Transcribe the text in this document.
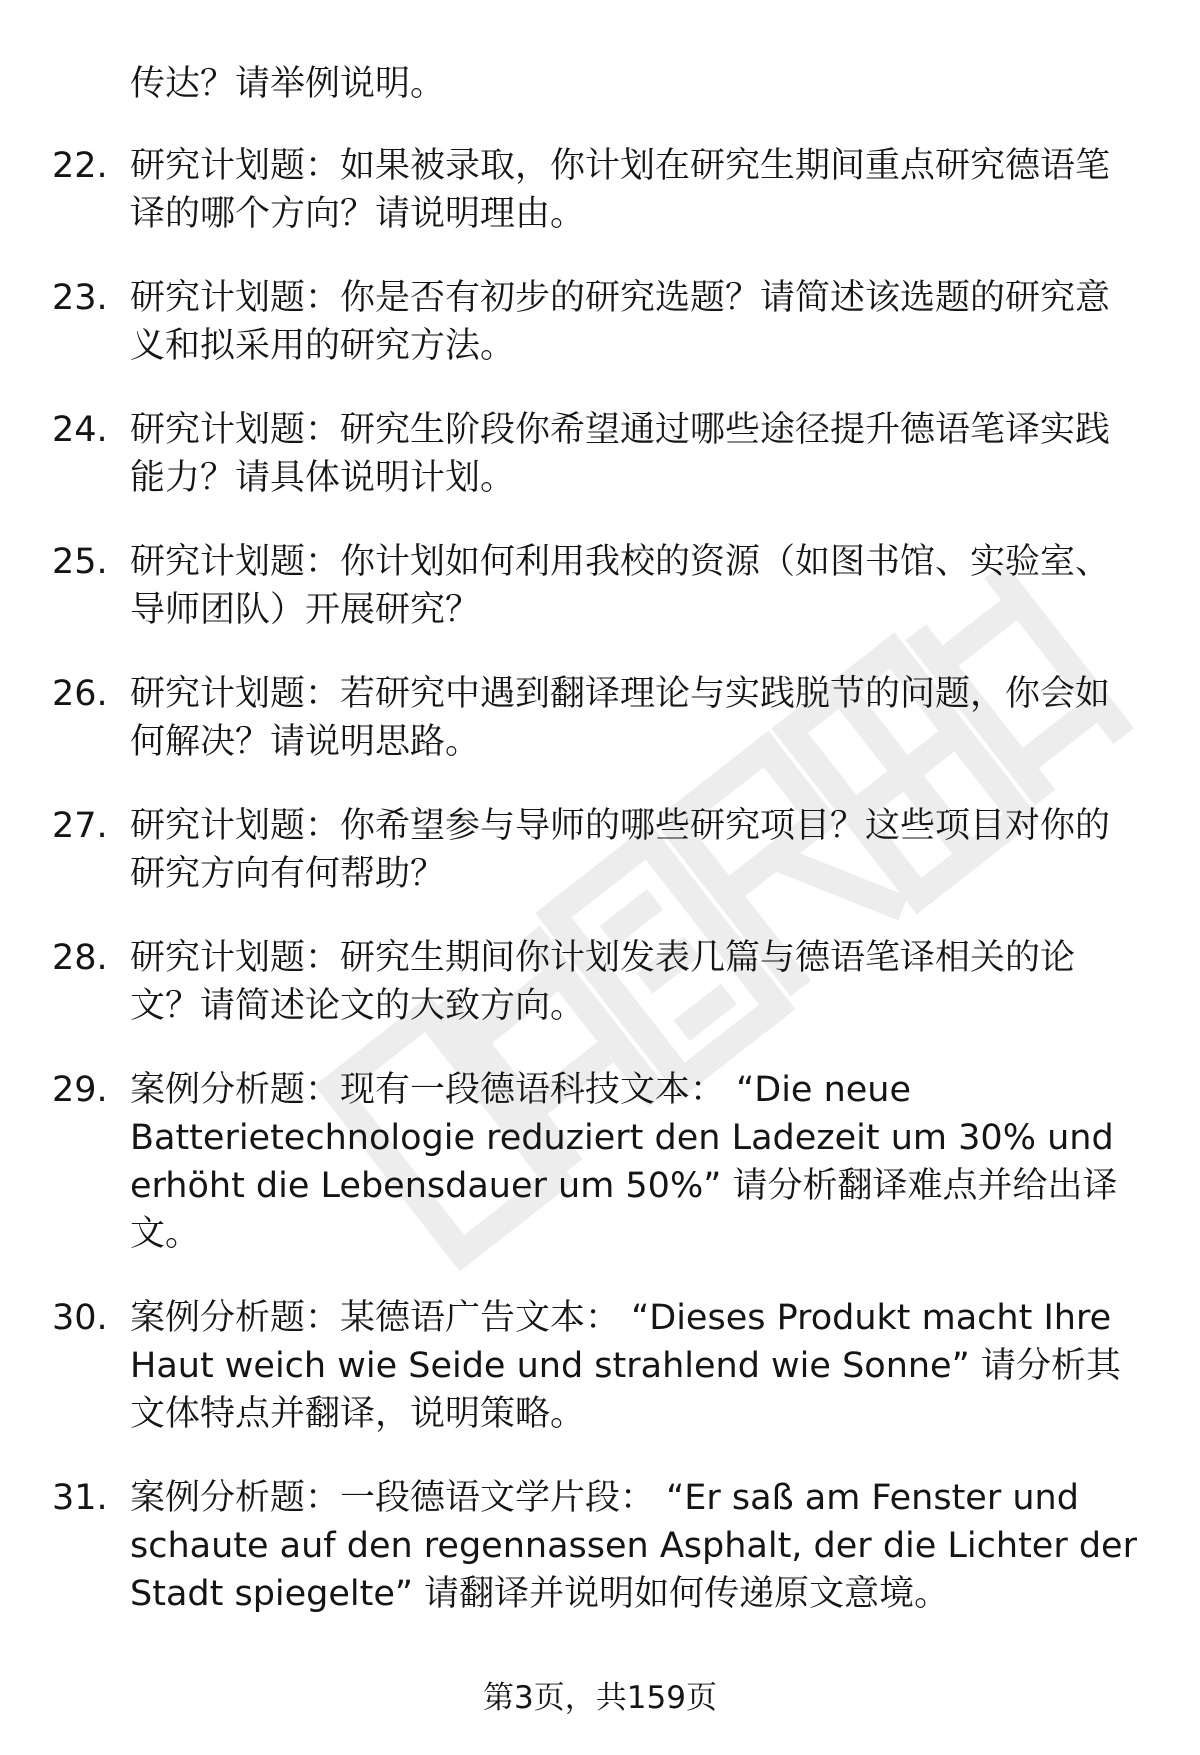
传达？请举例说明。
22. 研究计划题：如果被录取，你计划在研究生期间重点研究德语笔译的哪个方向？请说明理由。
23. 研究计划题：你是否有初步的研究选题？请简述该选题的研究意义和拟采用的研究方法。
24. 研究计划题：研究生阶段你希望通过哪些途径提升德语笔译实践能力？请具体说明计划。
25. 研究计划题：你计划如何利用我校的资源（如图书馆、实验室、导师团队）开展研究？
26. 研究计划题：若研究中遇到翻译理论与实践脱节的问题，你会如何解决？请说明思路。
27. 研究计划题：你希望参与导师的哪些研究项目？这些项目对你的研究方向有何帮助？
28. 研究计划题：研究生期间你计划发表几篇与德语笔译相关的论文？请简述论文的大致方向。
29. 案例分析题：现有一段德语科技文本： “Die neue Batterietechnologie reduziert den Ladezeit um 30% und erhöht die Lebensdauer um 50%” 请分析翻译难点并给出译文。
30. 案例分析题：某德语广告文本： “Dieses Produkt macht Ihre Haut weich wie Seide und strahlend wie Sonne” 请分析其文体特点并翻译，说明策略。
31. 案例分析题：一段德语文学片段： “Er saß am Fenster und schaute auf den regennassen Asphalt, der die Lichter der Stadt spiegelte” 请翻译并说明如何传递原文意境。
第3页，共159页
